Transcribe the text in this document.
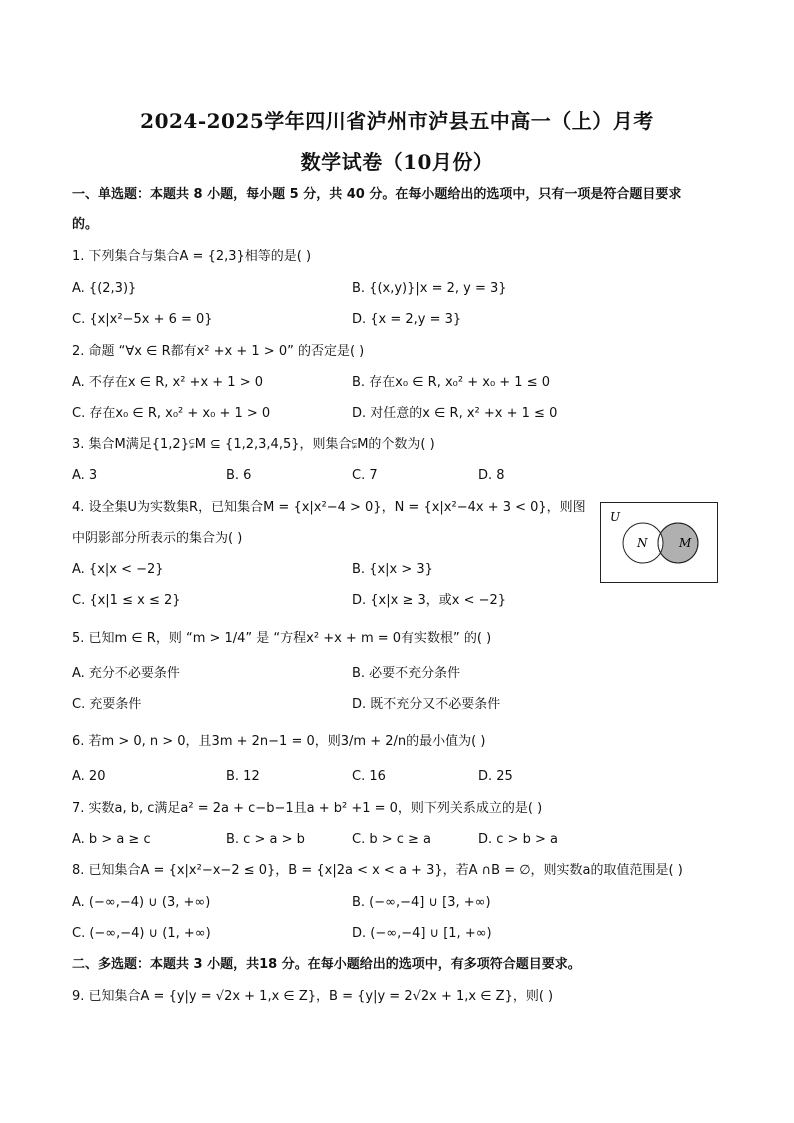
2024-2025学年四川省泸州市泸县五中高一（上）月考
数学试卷（10月份）
一、单选题：本题共 8 小题，每小题 5 分，共 40 分。在每小题给出的选项中，只有一项是符合题目要求
的。
1. 下列集合与集合A = {2,3}相等的是( )
A. {(2,3)}	B. {(x,y)}|x = 2, y = 3}
C. {x|x²−5x + 6 = 0}	D. {x = 2,y = 3}
2. 命题 “∀x ∈ R都有x² +x + 1 > 0” 的否定是( )
A. 不存在x ∈ R, x² +x + 1 > 0	B. 存在x₀ ∈ R, x₀² + x₀ + 1 ≤ 0
C. 存在x₀ ∈ R, x₀² + x₀ + 1 > 0	D. 对任意的x ∈ R, x² +x + 1 ≤ 0
3. 集合M满足{1,2}⫋M ⊆ {1,2,3,4,5}，则集合⫋M的个数为( )
A. 3	B. 6	C. 7	D. 8
4. 设全集U为实数集R，已知集合M = {x|x²−4 > 0}，N = {x|x²−4x + 3 < 0}，则图
中阴影部分所表示的集合为( )
A. {x|x < −2}	B. {x|x > 3}
C. {x|1 ≤ x ≤ 2}	D. {x|x ≥ 3，或x < −2}
U
N	M
5. 已知m ∈ R，则 “m > 1/4” 是 “方程x² +x + m = 0有实数根” 的( )
A. 充分不必要条件	B. 必要不充分条件
C. 充要条件	D. 既不充分又不必要条件
6. 若m > 0, n > 0，且3m + 2n−1 = 0，则3/m + 2/n的最小值为( )
A. 20	B. 12	C. 16	D. 25
7. 实数a, b, c满足a² = 2a + c−b−1且a + b² +1 = 0，则下列关系成立的是( )
A. b > a ≥ c	B. c > a > b	C. b > c ≥ a	D. c > b > a
8. 已知集合A = {x|x²−x−2 ≤ 0}，B = {x|2a < x < a + 3}，若A ∩B = ∅，则实数a的取值范围是( )
A. (−∞,−4) ∪ (3, +∞)	B. (−∞,−4] ∪ [3, +∞)
C. (−∞,−4) ∪ (1, +∞)	D. (−∞,−4] ∪ [1, +∞)
二、多选题：本题共 3 小题，共18 分。在每小题给出的选项中，有多项符合题目要求。
9. 已知集合A = {y|y = √2x + 1,x ∈ Z}，B = {y|y = 2√2x + 1,x ∈ Z}，则( )
